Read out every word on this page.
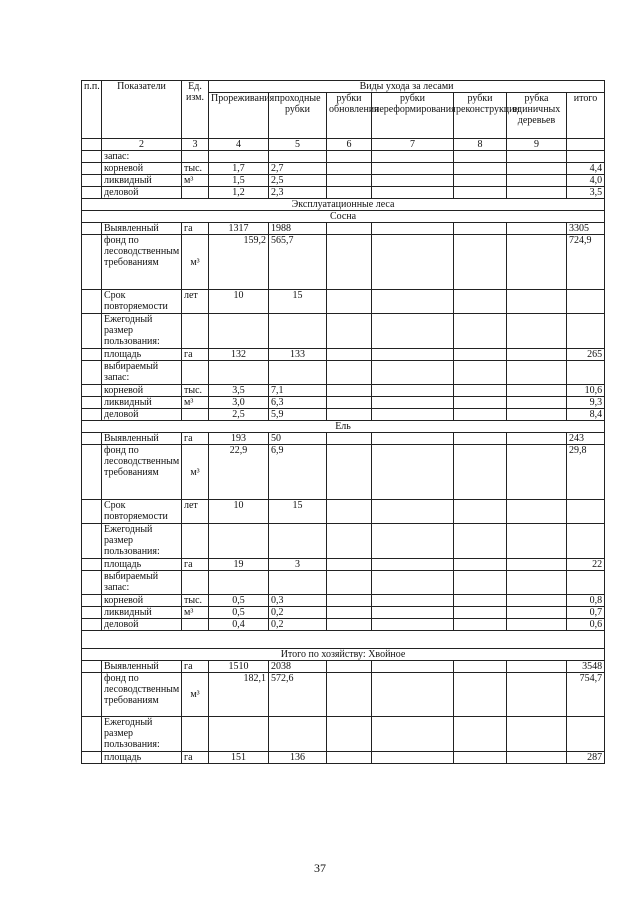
п.п.	Показатели	Ед. изм.	Виды ухода за лесами						
			Прореживания	проходные рубки	рубки обновления	рубки переформирования	рубки реконструкции	рубка единичных деревьев	итого
	2	3	4	5	6	7	8	9	
	запас:								
	корневой	тыс.	1,7	2,7					4,4
	ликвидный	м³	1,5	2,5					4,0
	деловой		1,2	2,3					3,5
Эксплуатационные леса									
Сосна									
	Выявленный	га	1317	1988					3305
	фонд по лесоводственным требованиям	м³	159,2	565,7					724,9
	Срок повторяемости	лет	10	15					
	Ежегодный размер пользования:								
	площадь	га	132	133					265
	выбираемый запас:								
	корневой	тыс.	3,5	7,1					10,6
	ликвидный	м³	3,0	6,3					9,3
	деловой		2,5	5,9					8,4
Ель									
	Выявленный	га	193	50					243
	фонд по лесоводственным требованиям	м³	22,9	6,9					29,8
	Срок повторяемости	лет	10	15					
	Ежегодный размер пользования:								
	площадь	га	19	3					22
	выбираемый запас:								
	корневой	тыс.	0,5	0,3					0,8
	ликвидный	м³	0,5	0,2					0,7
	деловой		0,4	0,2					0,6

Итого по хозяйству: Хвойное									
	Выявленный	га	1510	2038					3548
	фонд по лесоводственным требованиям	м³	182,1	572,6					754,7
	Ежегодный размер пользования:								
	площадь	га	151	136					287
37
